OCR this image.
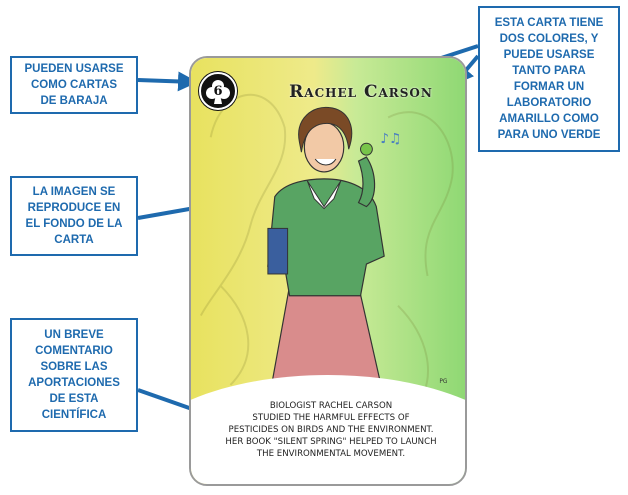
PUEDEN USARSE
COMO CARTAS
DE BARAJA
LA IMAGEN SE
REPRODUCE EN
EL FONDO DE LA
CARTA
UN BREVE
COMENTARIO
SOBRE LAS
APORTACIONES
DE ESTA
CIENTÍFICA
ESTA CARTA TIENE
DOS COLORES, Y
PUEDE USARSE
TANTO PARA
FORMAR UN
LABORATORIO
AMARILLO COMO
PARA UNO VERDE
♪♫
PG
6	Rachel Carson
BIOLOGIST RACHEL CARSON
STUDIED THE HARMFUL EFFECTS OF
PESTICIDES ON BIRDS AND THE ENVIRONMENT.
HER BOOK "SILENT SPRING" HELPED TO LAUNCH
THE ENVIRONMENTAL MOVEMENT.
